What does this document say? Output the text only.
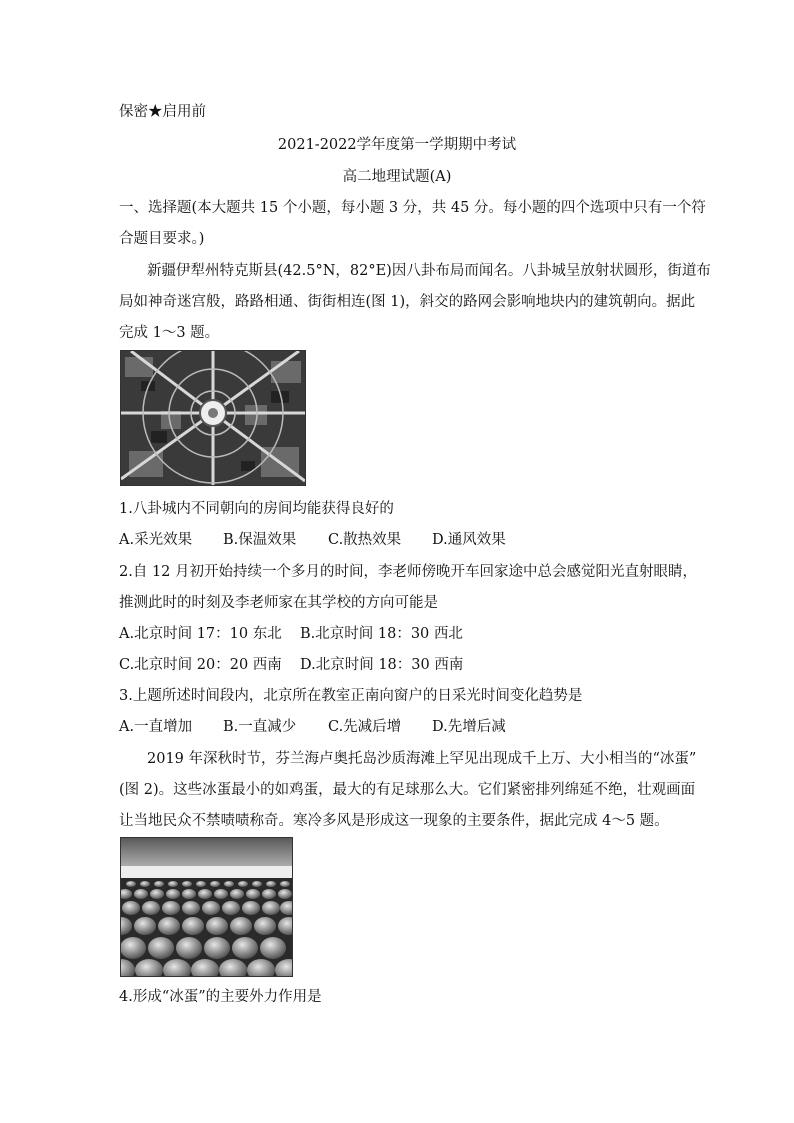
保密★启用前
2021-2022学年度第一学期期中考试
高二地理试题(A)
一、选择题(本大题共 15 个小题，每小题 3 分，共 45 分。每小题的四个选项中只有一个符
合题目要求。)
新疆伊犁州特克斯县(42.5°N，82°E)因八卦布局而闻名。八卦城呈放射状圆形，街道布
局如神奇迷宫般，路路相通、街街相连(图 1)，斜交的路网会影响地块内的建筑朝向。据此
完成 1～3 题。
1.八卦城内不同朝向的房间均能获得良好的
A.采光效果 B.保温效果 C.散热效果 D.通风效果
2.自 12 月初开始持续一个多月的时间，李老师傍晚开车回家途中总会感觉阳光直射眼睛，
推测此时的时刻及李老师家在其学校的方向可能是
A.北京时间 17：10 东北 B.北京时间 18：30 西北
C.北京时间 20：20 西南 D.北京时间 18：30 西南
3.上题所述时间段内，北京所在教室正南向窗户的日采光时间变化趋势是
A.一直增加 B.一直减少 C.先减后增 D.先增后减
2019 年深秋时节，芬兰海卢奥托岛沙质海滩上罕见出现成千上万、大小相当的“冰蛋”
(图 2)。这些冰蛋最小的如鸡蛋，最大的有足球那么大。它们紧密排列绵延不绝，壮观画面
让当地民众不禁啧啧称奇。寒冷多风是形成这一现象的主要条件，据此完成 4～5 题。
4.形成“冰蛋”的主要外力作用是
